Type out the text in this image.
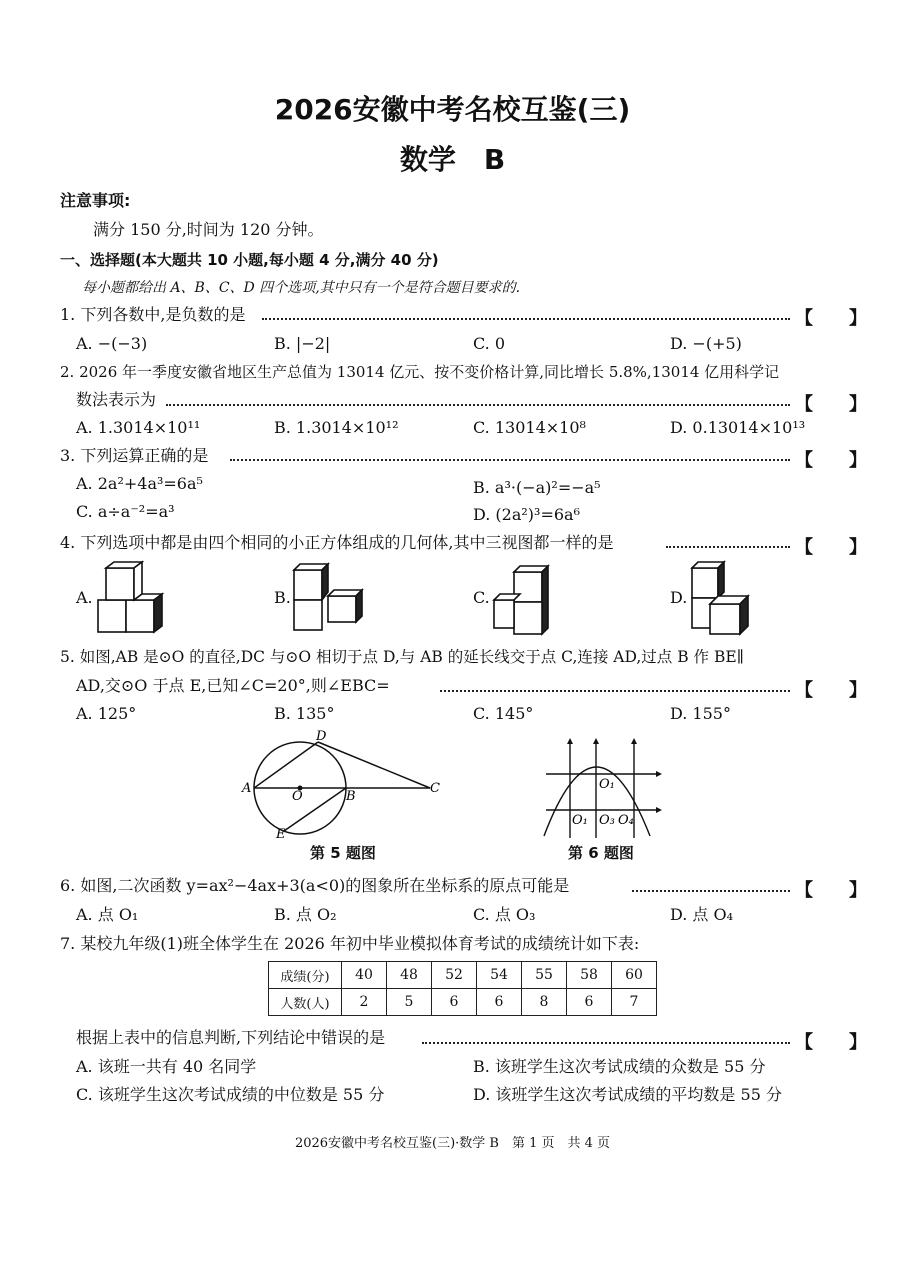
2026安徽中考名校互鉴(三)
数学　B
注意事项:
满分 150 分,时间为 120 分钟。
一、选择题(本大题共 10 小题,每小题 4 分,满分 40 分)
每小题都给出 A、B、C、D 四个选项,其中只有一个是符合题目要求的.
1. 下列各数中,是负数的是	【　　】
A. −(−3)	B. |−2|	C. 0	D. −(+5)
2. 2026 年一季度安徽省地区生产总值为 13014 亿元、按不变价格计算,同比增长 5.8%,13014 亿用科学记
数法表示为	【　　】
A. 1.3014×10¹¹	B. 1.3014×10¹²	C. 13014×10⁸	D. 0.13014×10¹³
3. 下列运算正确的是	【　　】
A. 2a²+4a³=6a⁵	B. a³·(−a)²=−a⁵
C. a÷a⁻²=a³	D. (2a²)³=6a⁶
4. 下列选项中都是由四个相同的小正方体组成的几何体,其中三视图都一样的是	【　　】
A.	B.	C.	D.
5. 如图,AB 是⊙O 的直径,DC 与⊙O 相切于点 D,与 AB 的延长线交于点 C,连接 AD,过点 B 作 BE∥
AD,交⊙O 于点 E,已知∠C=20°,则∠EBC=	【　　】
A. 125°	B. 135°	C. 145°	D. 155°
A
O	B
C
D
E
第 5 题图
O₁
O₁ O₃ O₄
第 6 题图
6. 如图,二次函数 y=ax²−4ax+3(a<0)的图象所在坐标系的原点可能是	【　　】
A. 点 O₁	B. 点 O₂	C. 点 O₃	D. 点 O₄
7. 某校九年级(1)班全体学生在 2026 年初中毕业模拟体育考试的成绩统计如下表:
成绩(分)	40	48	52	54	55	58	60
人数(人)	2	5	6	6	8	6	7
根据上表中的信息判断,下列结论中错误的是	【　　】
A. 该班一共有 40 名同学	B. 该班学生这次考试成绩的众数是 55 分
C. 该班学生这次考试成绩的中位数是 55 分	D. 该班学生这次考试成绩的平均数是 55 分
2026安徽中考名校互鉴(三)·数学 B　第 1 页　共 4 页
